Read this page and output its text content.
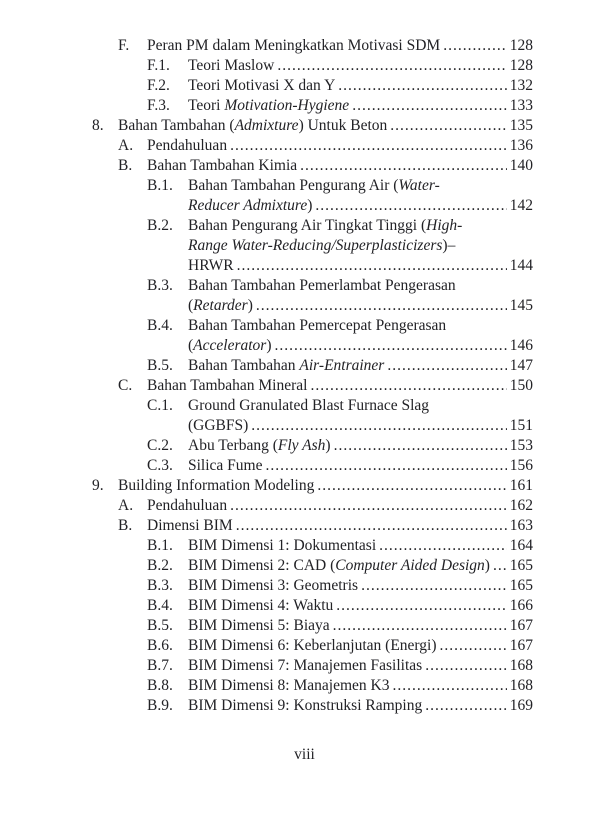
F.	Peran PM dalam Meningkatkan Motivasi SDM .....	128
F.1.	Teori Maslow .....	128
F.2.	Teori Motivasi X dan Y .....	132
F.3.	Teori Motivation-Hygiene .....	133
8. Bahan Tambahan (Admixture) Untuk Beton .....	135
A. Pendahuluan .....	136
B. Bahan Tambahan Kimia .....	140
B.1. Bahan Tambahan Pengurang Air (Water-
Reducer Admixture) .....	142
B.2. Bahan Pengurang Air Tingkat Tinggi (High-
Range Water-Reducing/Superplasticizers)–
HRWR .....	144
B.3. Bahan Tambahan Pemerlambat Pengerasan
(Retarder) .....	145
B.4. Bahan Tambahan Pemercepat Pengerasan
(Accelerator) .....	146
B.5. Bahan Tambahan Air-Entrainer .....	147
C. Bahan Tambahan Mineral .....	150
C.1. Ground Granulated Blast Furnace Slag
(GGBFS) .....	151
C.2. Abu Terbang (Fly Ash) .....	153
C.3. Silica Fume .....	156
9. Building Information Modeling .....	161
A. Pendahuluan .....	162
B. Dimensi BIM .....	163
B.1. BIM Dimensi 1: Dokumentasi .....	164
B.2. BIM Dimensi 2: CAD (Computer Aided Design) ..... 165
B.3. BIM Dimensi 3: Geometris .....	165
B.4. BIM Dimensi 4: Waktu .....	166
B.5. BIM Dimensi 5: Biaya .....	167
B.6. BIM Dimensi 6: Keberlanjutan (Energi) .....	167
B.7. BIM Dimensi 7: Manajemen Fasilitas .....	168
B.8. BIM Dimensi 8: Manajemen K3 .....	168
B.9. BIM Dimensi 9: Konstruksi Ramping .....	169
viii
